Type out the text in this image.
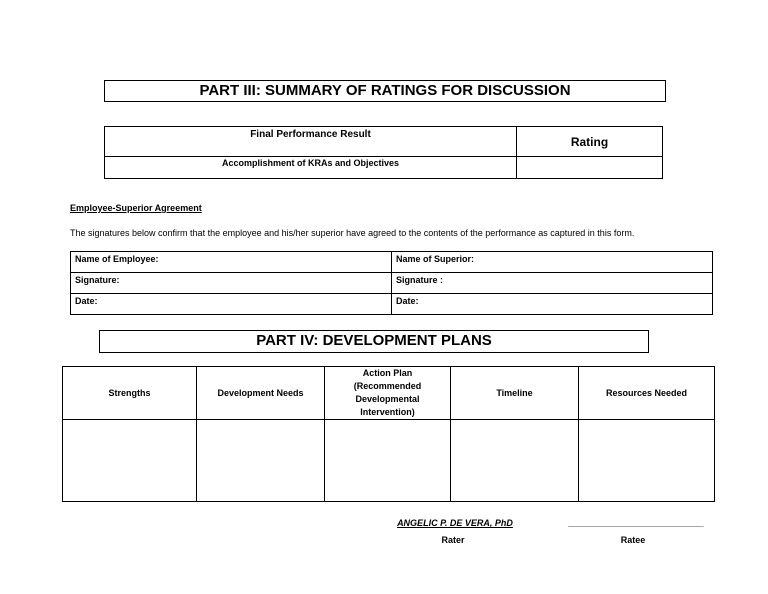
PART III: SUMMARY OF RATINGS FOR DISCUSSION
Final Performance Result	Rating
Accomplishment of KRAs and Objectives	
Employee-Superior Agreement
The signatures below confirm that the employee and his/her superior have agreed to the contents of the performance as captured in this form.
Name of Employee:	Name of Superior:
Signature:	Signature :
Date:	Date:
PART IV: DEVELOPMENT PLANS
Strengths	Development Needs	Action Plan (Recommended Developmental Intervention)	Timeline	Resources Needed

ANGELIC P. DE VERA, PhD
Rater
___________________________
Ratee
